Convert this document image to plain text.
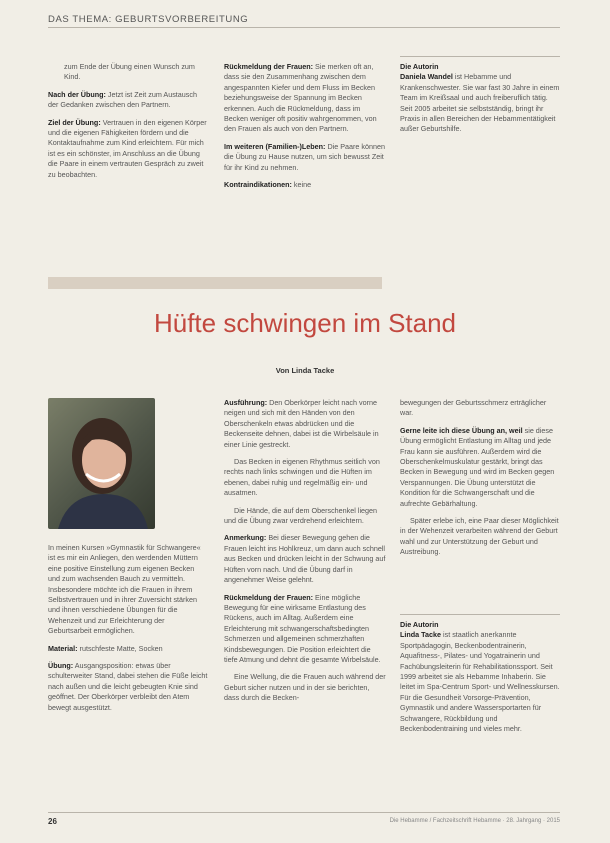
DAS THEMA: GEBURTSVORBEREITUNG

zum Ende der Übung einen Wunsch zum Kind.

Nach der Übung: Jetzt ist Zeit zum Austausch der Gedanken zwischen den Partnern.

Ziel der Übung: Vertrauen in den eigenen Körper und die eigenen Fähigkeiten fördern und die Kontaktaufnahme zum Kind erleichtern. Für mich ist es ein schönster, im Anschluss an die Übung die Paare in einem vertrauten Gespräch zu zweit zu beobachten.

Rückmeldung der Frauen: Sie merken oft an, dass sie den Zusammenhang zwischen dem angespannten Kiefer und dem Fluss im Becken beziehungsweise der Spannung im Becken erkennen. Auch die Rückmeldung, dass im Becken weniger oft positiv wahrgenommen, von den Frauen als auch von den Partnern.

Im weiteren (Familien-)Leben: Die Paare können die Übung zu Hause nutzen, um sich bewusst Zeit für ihr Kind zu nehmen.

Kontraindikationen: keine

Die Autorin
Daniela Wandel ist Hebamme und Krankenschwester. Sie war fast 30 Jahre in einem Team im Kreißsaal und auch freiberuflich tätig. Seit 2005 arbeitet sie selbstständig, bringt ihr Praxis in allen Bereichen der Hebammentätigkeit außer Geburtshilfe.
Hüfte schwingen im Stand
Von Linda Tacke

In meinen Kursen »Gymnastik für Schwangere« ist es mir ein Anliegen, den werdenden Müttern eine positive Einstellung zum eigenen Becken und zum wachsenden Bauch zu vermitteln. Insbesondere möchte ich die Frauen in ihrem Selbstvertrauen und in ihrer Zuversicht stärken und ihnen verschiedene Übungen für die Wehenzeit und zur Erleichterung der Geburtsarbeit ermöglichen.

Material: rutschfeste Matte, Socken

Übung: Ausgangsposition: etwas über schulterweiter Stand, dabei stehen die Füße leicht nach außen und die leicht gebeugten Knie sind geöffnet. Der Oberkörper verbleibt den Atem bewegt ausgestützt.

Ausführung: Den Oberkörper leicht nach vorne neigen und sich mit den Händen von den Oberschenkeln etwas abdrücken und die Beckenseite dehnen, dabei ist die Wirbelsäule in einer Linie gestreckt.

Das Becken in eigenen Rhythmus seitlich von rechts nach links schwingen und die Hüften im ebenen, dabei ruhig und regelmäßig ein- und ausatmen.

Die Hände, die auf dem Oberschenkel liegen und die Übung zwar verdrehend erleichtern.

Anmerkung: Bei dieser Bewegung gehen die Frauen leicht ins Hohlkreuz, um dann auch schnell aus Becken und drücken leicht in der Schwung auf Hüften vorn nach. Und die Übung darf in angenehmer Weise gelehnt.

Rückmeldung der Frauen: Eine mögliche Bewegung für eine wirksame Entlastung des Rückens, auch im Alltag. Außerdem eine Erleichterung mit schwangerschaftsbedingten Schmerzen und allgemeinen schmerzhaften Kindsbewegungen. Die Position erleichtert die tiefe Atmung und dehnt die gesamte Wirbelsäule.

Eine Wellung, die die Frauen auch während der Geburt sicher nutzen und in der sie berichten, dass durch die Becken-

bewegungen der Geburtsschmerz erträglicher war.

Gerne leite ich diese Übung an, weil sie diese Übung ermöglicht Entlastung im Alltag und jede Frau kann sie ausführen. Außerdem wird die Oberschenkelmuskulatur gestärkt, bringt das Becken in Bewegung und wird im Becken gegen Verspannungen. Die Übung unterstützt die Kondition für die Schwangerschaft und die aufrechte Gebärhaltung.

Später erlebe ich, eine Paar dieser Möglichkeit in der Wehenzeit verarbeiten während der Geburt wahl und zur Unterstützung der Geburt und Austreibung.

Die Autorin
Linda Tacke ist staatlich anerkannte Sportpädagogin, Beckenbodentrainerin, Aquafitness-, Pilates- und Yogatrainerin und Fachübungsleiterin für Rehabilitationssport. Seit 1999 arbeitet sie als Hebamme Inhaberin. Sie leitet im Spa-Centrum Sport- und Wellnesskursen. Für die Gesundheit Vorsorge-Prävention, Gymnastik und andere Wassersportarten für Schwangere, Rückbildung und Beckenbodentraining und vieles mehr.
26	Die Hebamme / Fachzeitschrift Hebamme · 28. Jahrgang · 2015
